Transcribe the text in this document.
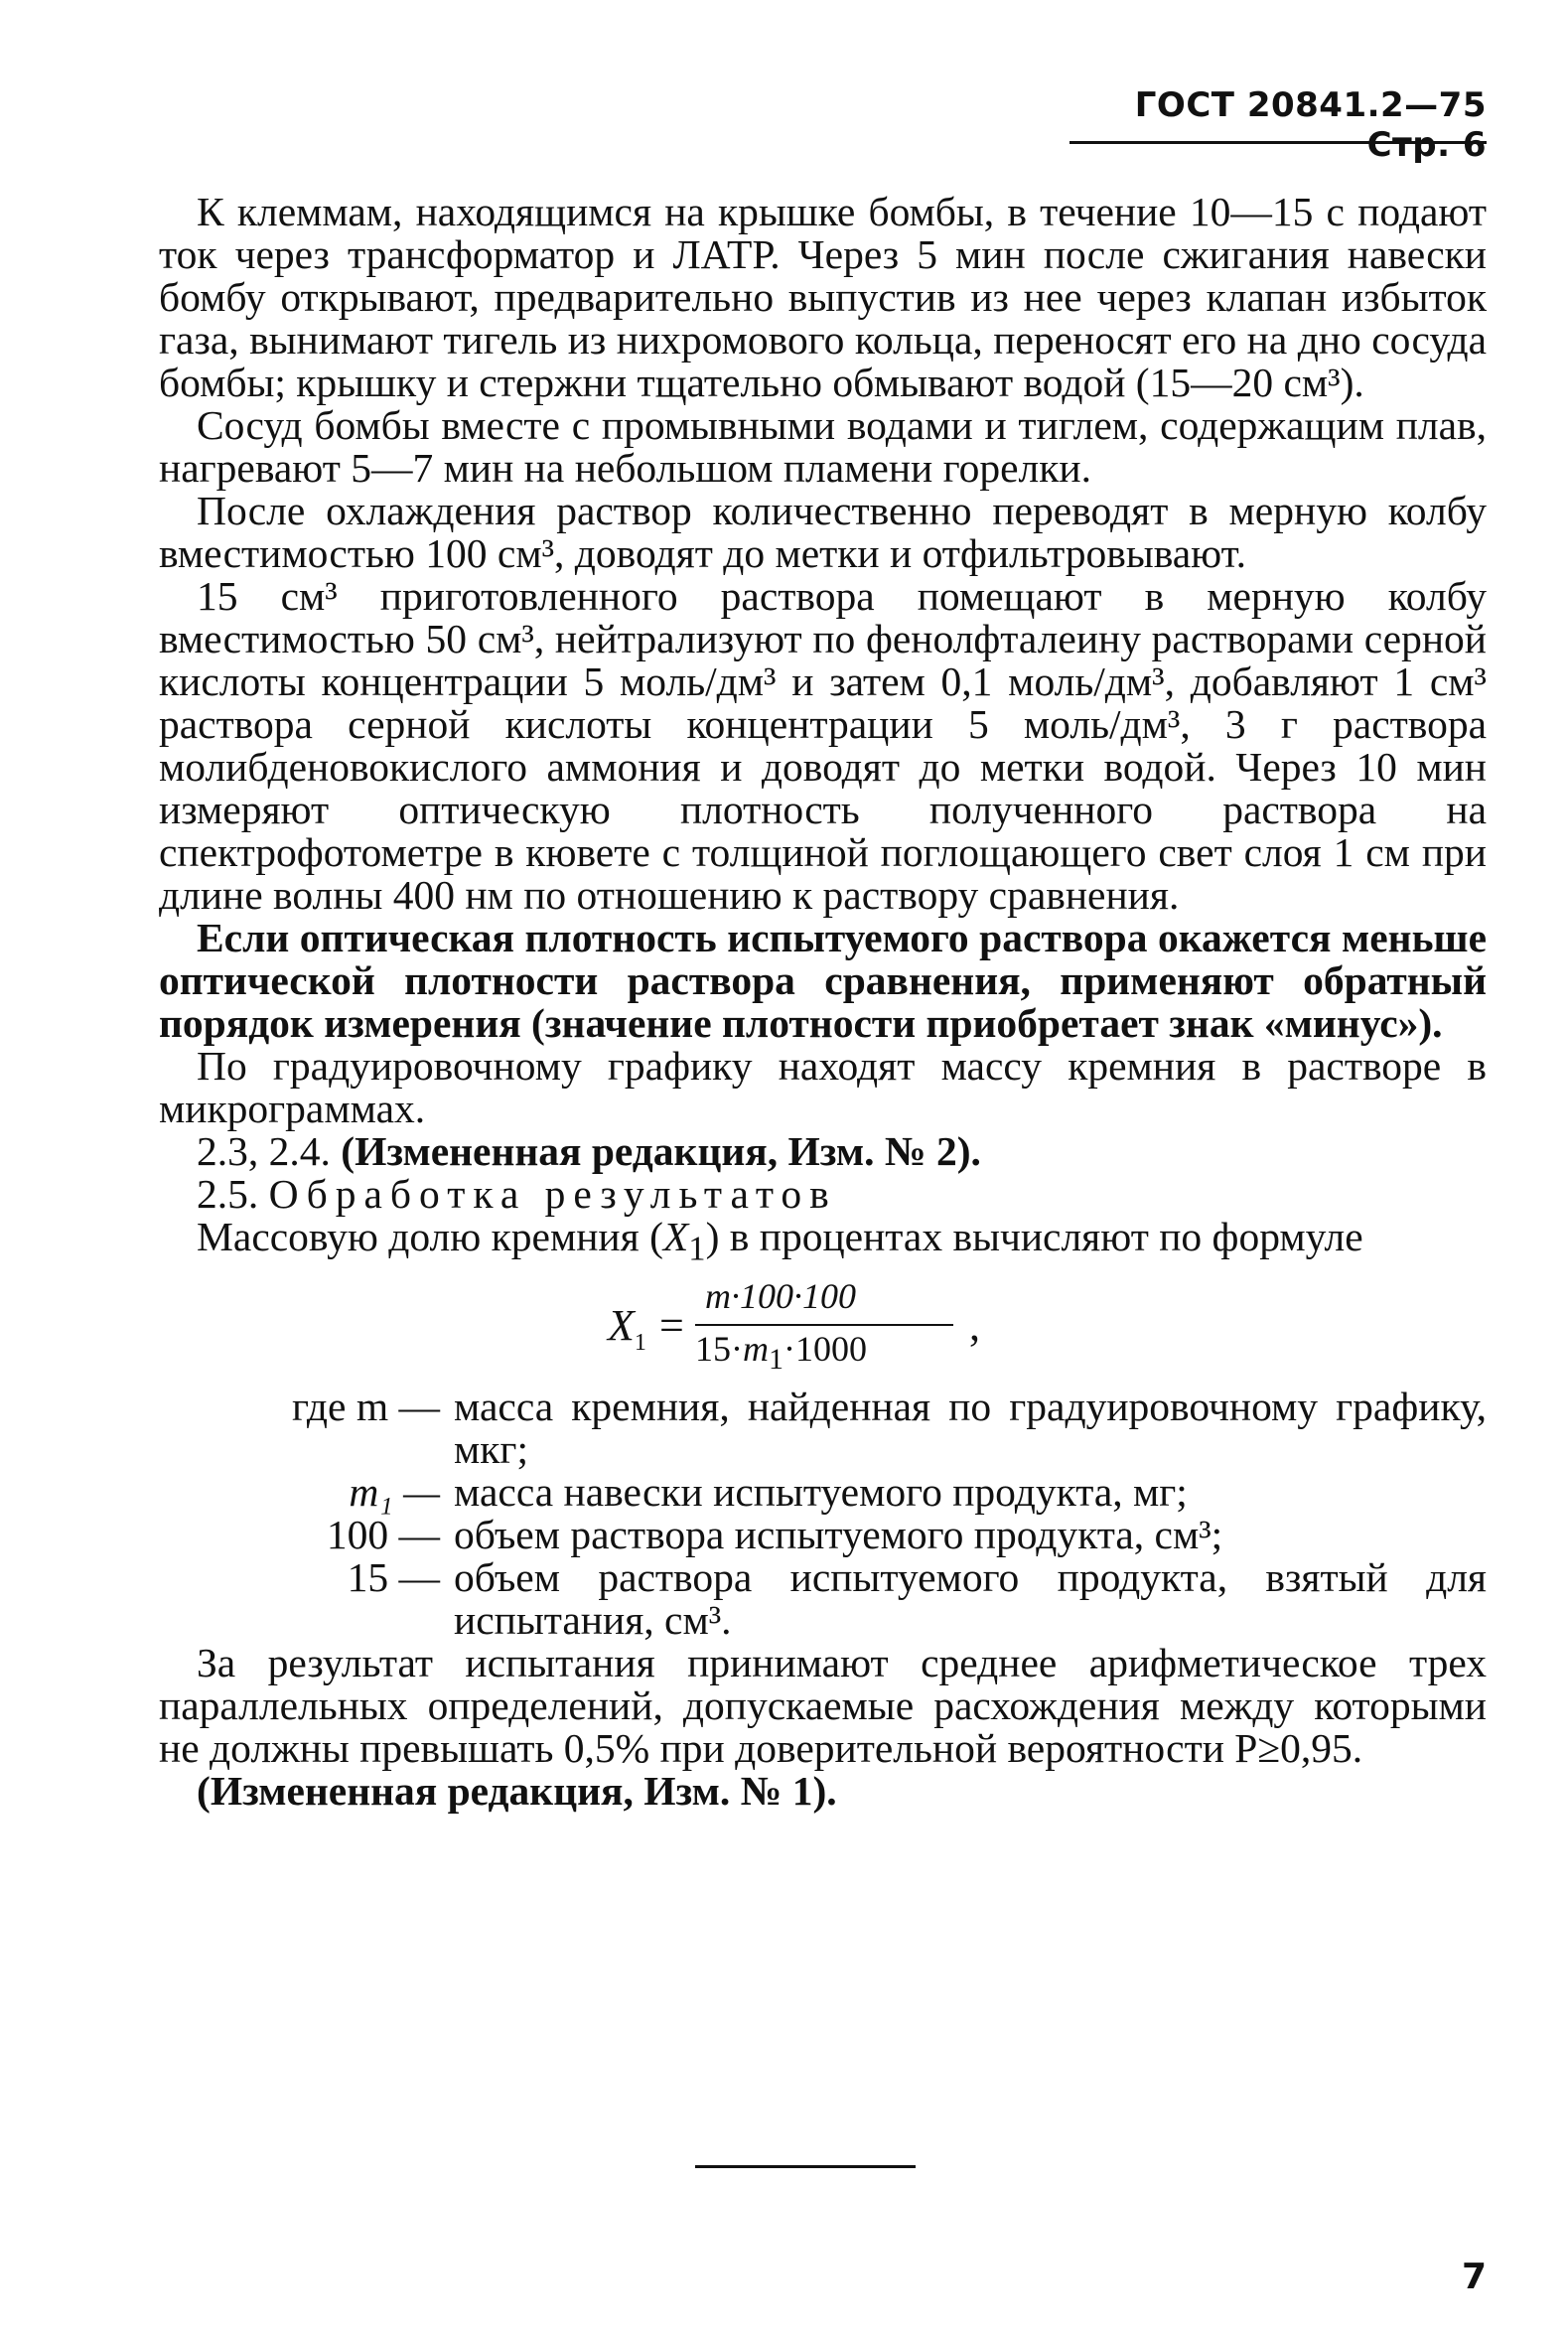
ГОСТ 20841.2—75 Стр. 6

К клеммам, находящимся на крышке бомбы, в течение 10—15 с подают ток через трансформатор и ЛАТР. Через 5 мин после сжигания навески бомбу открывают, предварительно выпустив из нее через клапан избыток газа, вынимают тигель из нихромового кольца, переносят его на дно сосуда бомбы; крышку и стержни тщательно обмывают водой (15—20 см³).

Сосуд бомбы вместе с промывными водами и тиглем, содержащим плав, нагревают 5—7 мин на небольшом пламени горелки.

После охлаждения раствор количественно переводят в мерную колбу вместимостью 100 см³, доводят до метки и отфильтровывают.

15 см³ приготовленного раствора помещают в мерную колбу вместимостью 50 см³, нейтрализуют по фенолфталеину растворами серной кислоты концентрации 5 моль/дм³ и затем 0,1 моль/дм³, добавляют 1 см³ раствора серной кислоты концентрации 5 моль/дм³, 3 г раствора молибденовокислого аммония и доводят до метки водой. Через 10 мин измеряют оптическую плотность полученного раствора на спектрофотометре в кювете с толщиной поглощающего свет слоя 1 см при длине волны 400 нм по отношению к раствору сравнения.

Если оптическая плотность испытуемого раствора окажется меньше оптической плотности раствора сравнения, применяют обратный порядок измерения (значение плотности приобретает знак «минус»).

По градуировочному графику находят массу кремния в растворе в микрограммах.

2.3, 2.4. (Измененная редакция, Изм. № 2).

2.5. Обработка результатов

Массовую долю кремния $(X_1)$ в процентах вычисляют по формуле

$X_1$ =
m·100·100
$15\cdot m_1\cdot 1000$	,
где m — масса кремния, найденная по градуировочному графику, мкг;
m₁ — масса навески испытуемого продукта, мг;
100 — объем раствора испытуемого продукта, см³;
15 — объем раствора испытуемого продукта, взятый для испытания, см³.

За результат испытания принимают среднее арифметическое трех параллельных определений, допускаемые расхождения между которыми не должны превышать 0,5% при доверительной вероятности P≥0,95.

(Измененная редакция, Изм. № 1).

7
